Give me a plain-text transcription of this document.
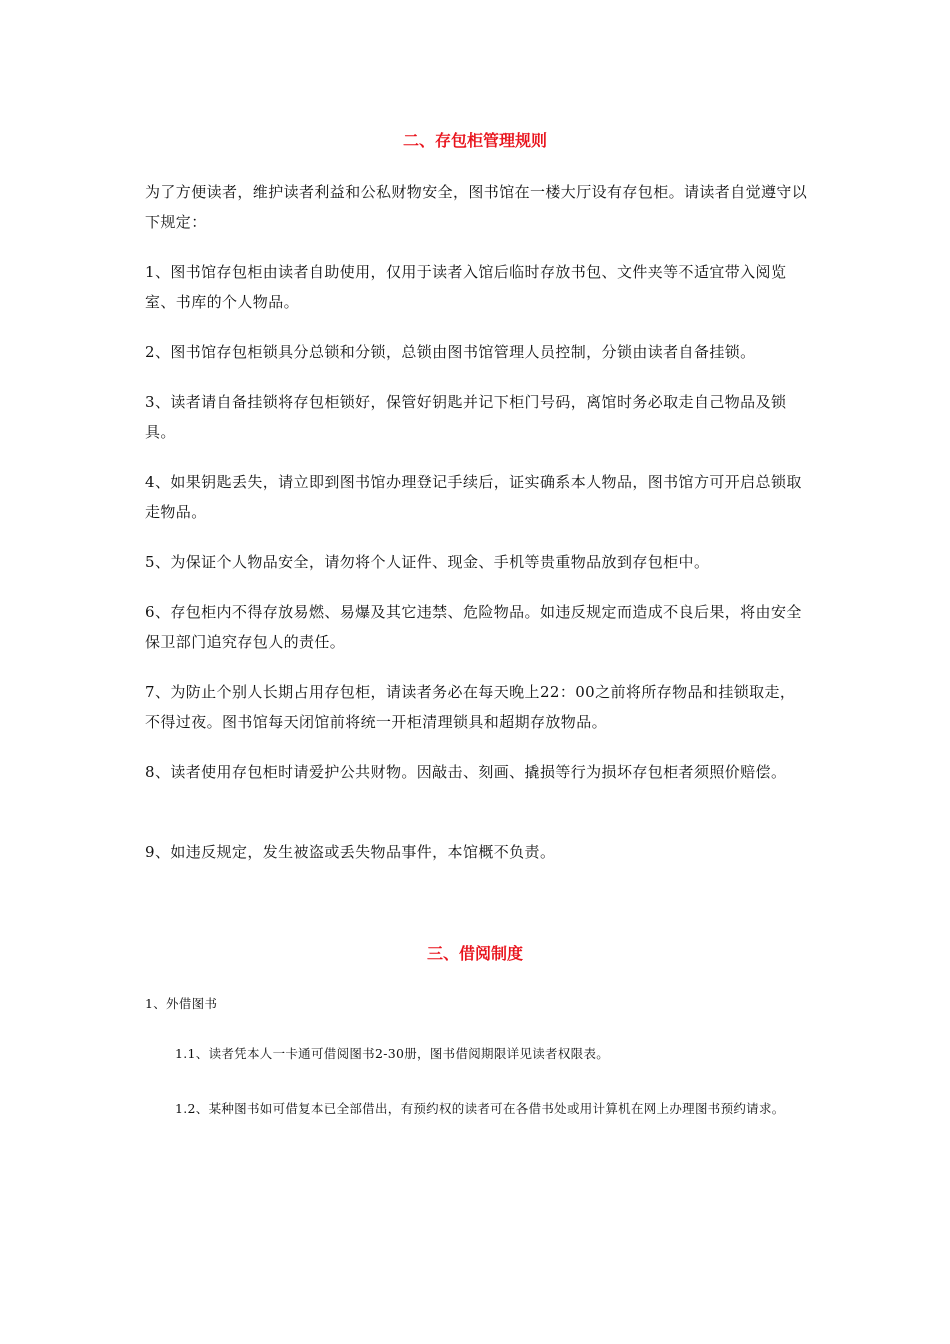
二、存包柜管理规则

为了方便读者，维护读者利益和公私财物安全，图书馆在一楼大厅设有存包柜。请读者自觉遵守以下规定：

1、图书馆存包柜由读者自助使用，仅用于读者入馆后临时存放书包、文件夹等不适宜带入阅览室、书库的个人物品。

2、图书馆存包柜锁具分总锁和分锁，总锁由图书馆管理人员控制，分锁由读者自备挂锁。

3、读者请自备挂锁将存包柜锁好，保管好钥匙并记下柜门号码，离馆时务必取走自己物品及锁具。

4、如果钥匙丢失，请立即到图书馆办理登记手续后，证实确系本人物品，图书馆方可开启总锁取走物品。

5、为保证个人物品安全，请勿将个人证件、现金、手机等贵重物品放到存包柜中。

6、存包柜内不得存放易燃、易爆及其它违禁、危险物品。如违反规定而造成不良后果，将由安全保卫部门追究存包人的责任。

7、为防止个别人长期占用存包柜，请读者务必在每天晚上22：00之前将所存物品和挂锁取走，不得过夜。图书馆每天闭馆前将统一开柜清理锁具和超期存放物品。

8、读者使用存包柜时请爱护公共财物。因敲击、刻画、撬损等行为损坏存包柜者须照价赔偿。

9、如违反规定，发生被盗或丢失物品事件，本馆概不负责。

三、借阅制度

1、外借图书

1.1、读者凭本人一卡通可借阅图书2-30册，图书借阅期限详见读者权限表。

1.2、某种图书如可借复本已全部借出，有预约权的读者可在各借书处或用计算机在网上办理图书预约请求。
